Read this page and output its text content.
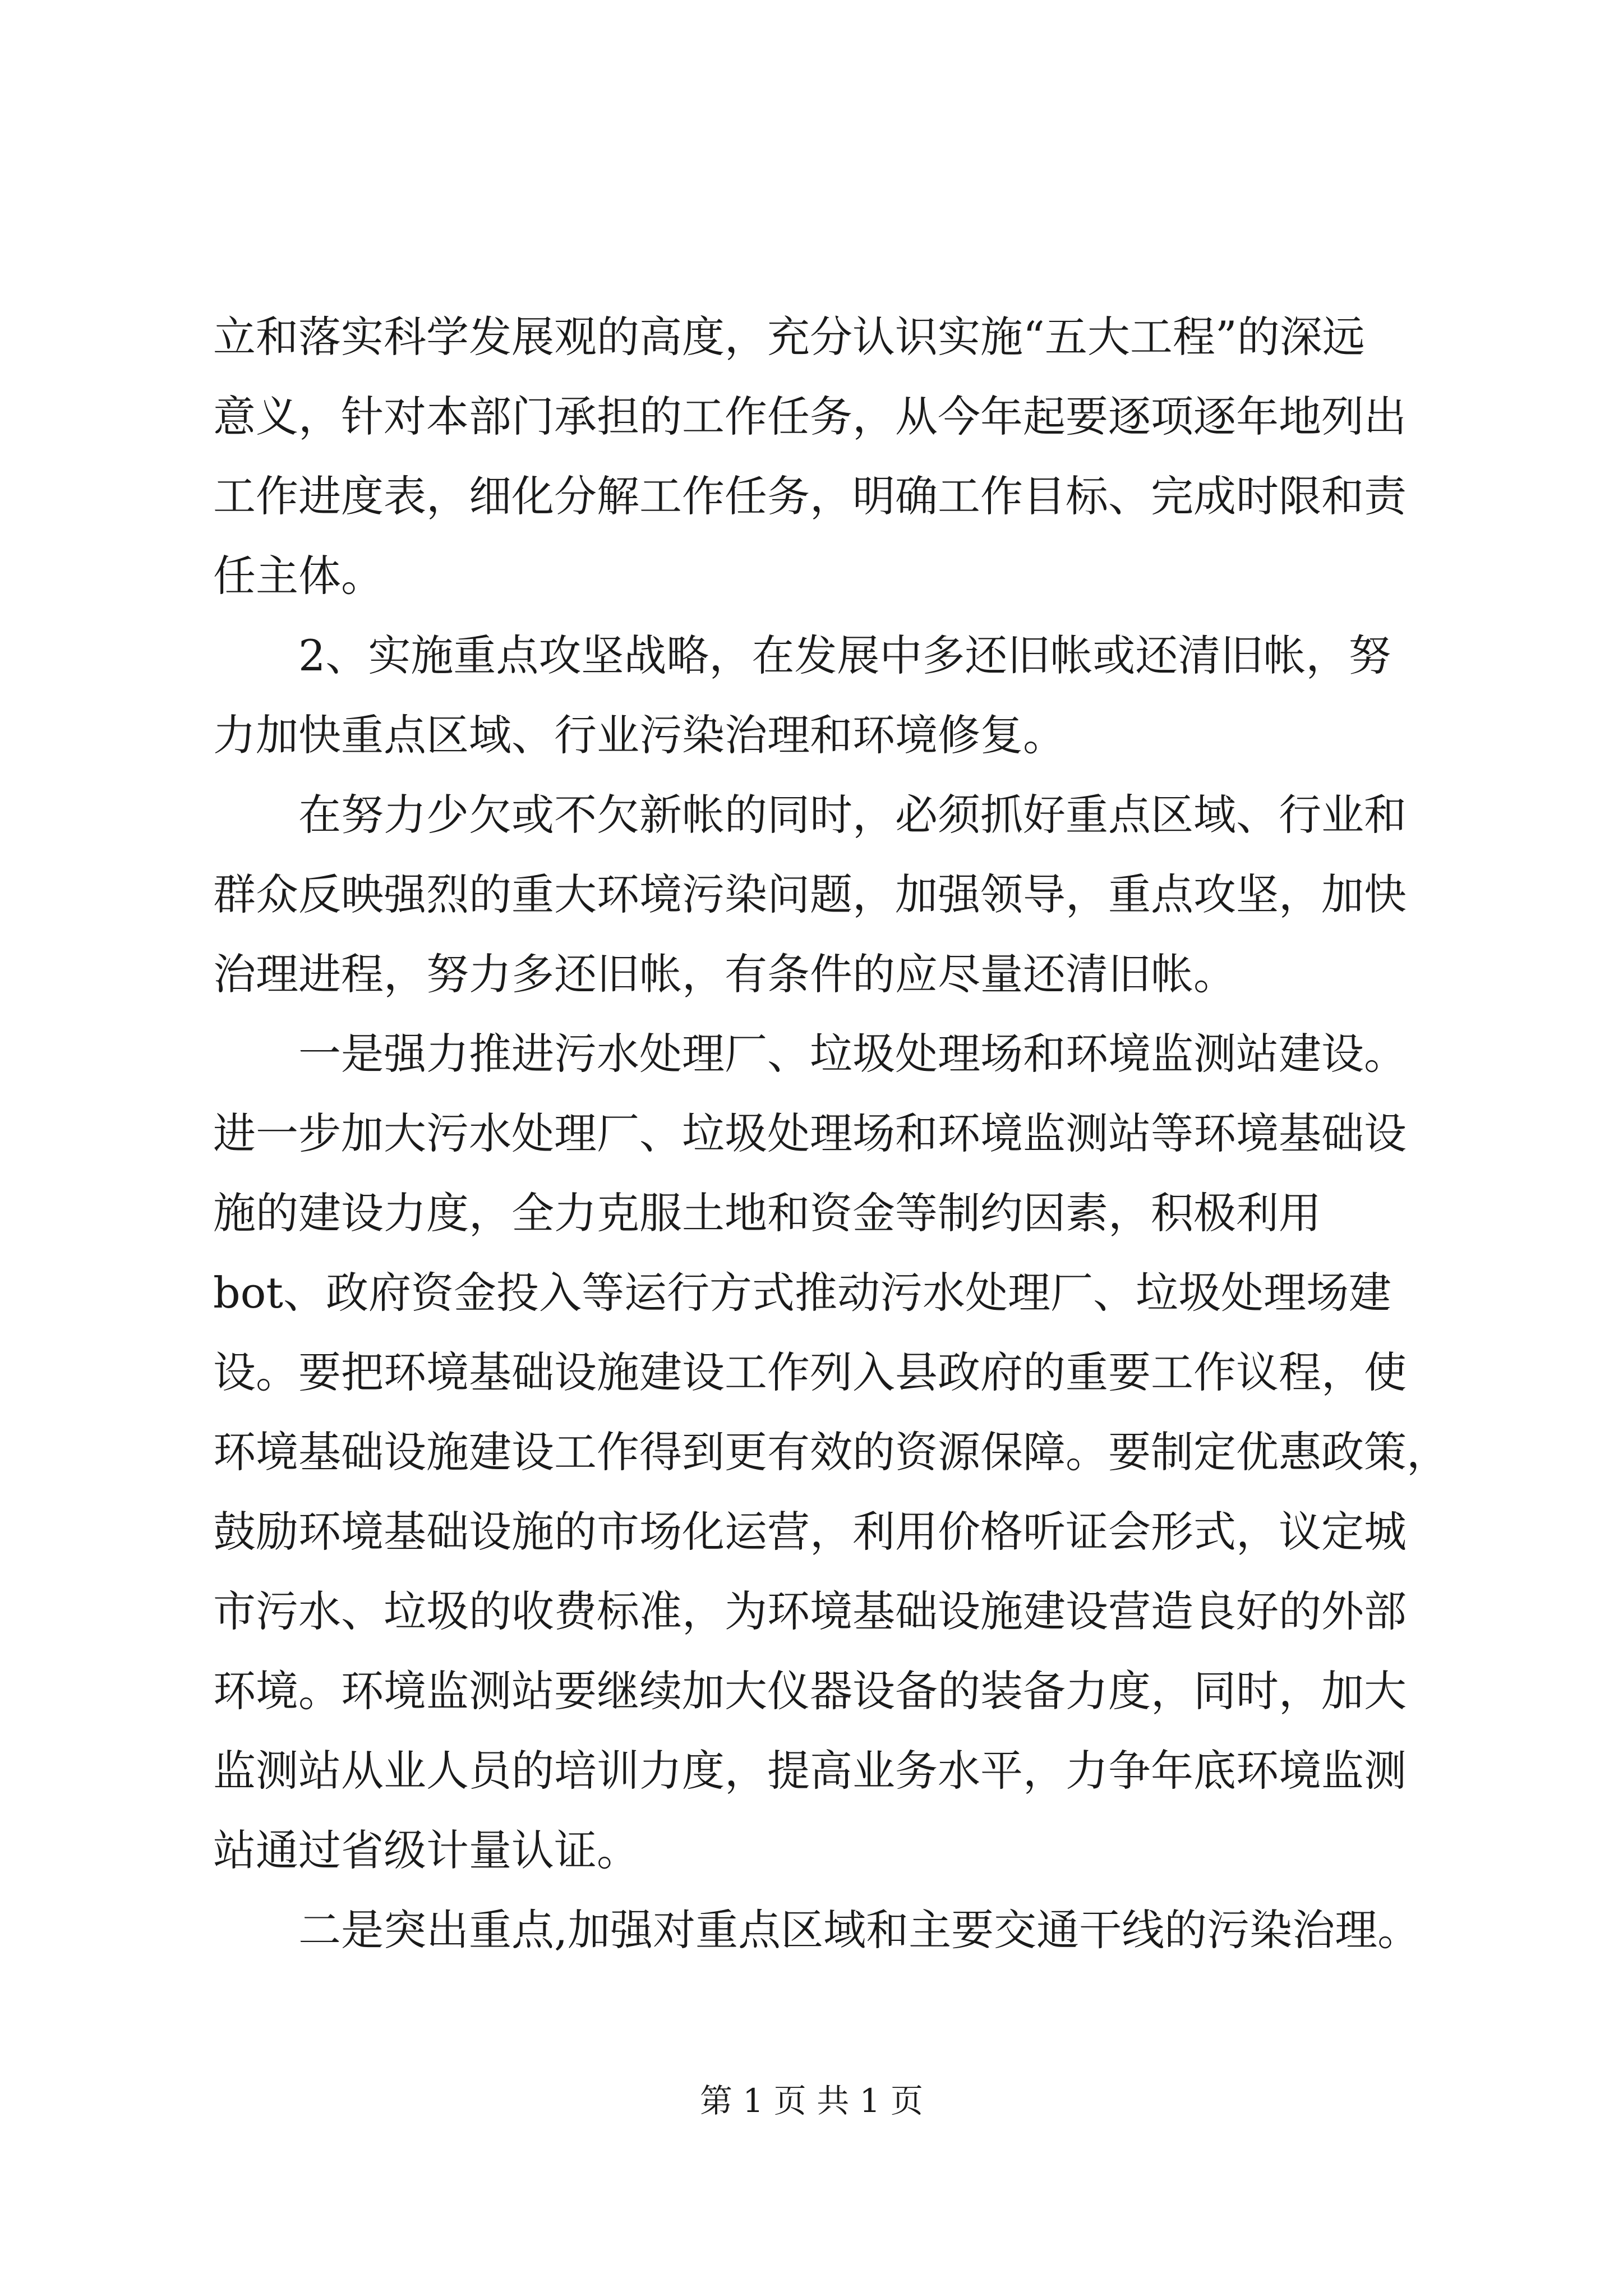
立和落实科学发展观的高度，充分认识实施“五大工程”的深远
意义，针对本部门承担的工作任务，从今年起要逐项逐年地列出
工作进度表，细化分解工作任务，明确工作目标、完成时限和责
任主体。
2、实施重点攻坚战略，在发展中多还旧帐或还清旧帐，努
力加快重点区域、行业污染治理和环境修复。
在努力少欠或不欠新帐的同时，必须抓好重点区域、行业和
群众反映强烈的重大环境污染问题，加强领导，重点攻坚，加快
治理进程，努力多还旧帐，有条件的应尽量还清旧帐。
一是强力推进污水处理厂、垃圾处理场和环境监测站建设。
进一步加大污水处理厂、垃圾处理场和环境监测站等环境基础设
施的建设力度，全力克服土地和资金等制约因素，积极利用
bot、政府资金投入等运行方式推动污水处理厂、垃圾处理场建
设。要把环境基础设施建设工作列入县政府的重要工作议程，使
环境基础设施建设工作得到更有效的资源保障。要制定优惠政策，
鼓励环境基础设施的市场化运营，利用价格听证会形式，议定城
市污水、垃圾的收费标准，为环境基础设施建设营造良好的外部
环境。环境监测站要继续加大仪器设备的装备力度，同时，加大
监测站从业人员的培训力度，提高业务水平，力争年底环境监测
站通过省级计量认证。
二是突出重点,加强对重点区域和主要交通干线的污染治理。
第 1 页 共 1 页
